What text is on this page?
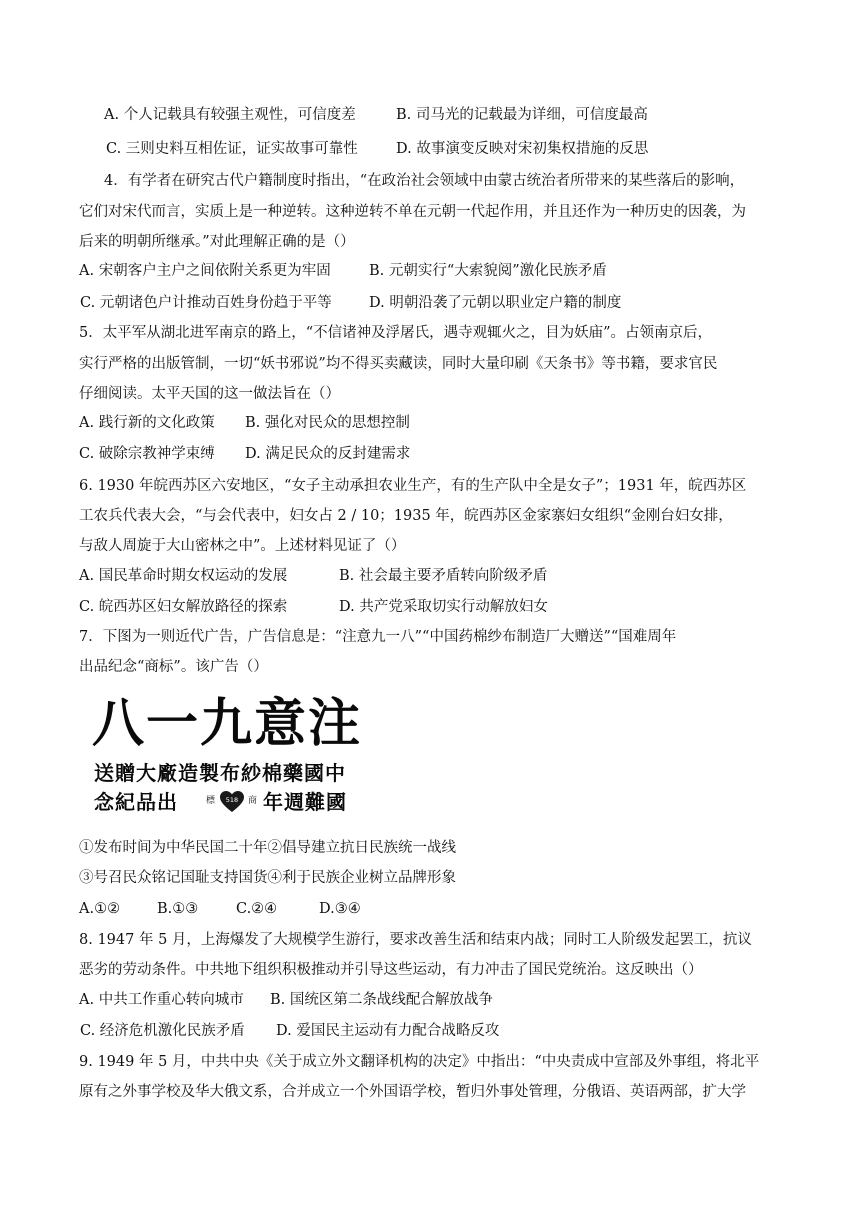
A. 个人记载具有较强主观性，可信度差	B. 司马光的记载最为详细，可信度最高
C. 三则史料互相佐证，证实故事可靠性	D. 故事演变反映对宋初集权措施的反思
4．有学者在研究古代户籍制度时指出，“在政治社会领域中由蒙古统治者所带来的某些落后的影响，
它们对宋代而言，实质上是一种逆转。这种逆转不单在元朝一代起作用，并且还作为一种历史的因袭，为
后来的明朝所继承。”对此理解正确的是（）
A. 宋朝客户主户之间依附关系更为牢固	B. 元朝实行“大索貌阅”激化民族矛盾
C. 元朝诸色户计推动百姓身份趋于平等	D. 明朝沿袭了元朝以职业定户籍的制度
5．太平军从湖北进军南京的路上，“不信诸神及浮屠氏，遇寺观辄火之，目为妖庙”。占领南京后，
实行严格的出版管制，一切“妖书邪说”均不得买卖藏读，同时大量印刷《天条书》等书籍，要求官民
仔细阅读。太平天国的这一做法旨在（）
A. 践行新的文化政策 B. 强化对民众的思想控制
C. 破除宗教神学束缚 D. 满足民众的反封建需求
6. 1930 年皖西苏区六安地区，“女子主动承担农业生产，有的生产队中全是女子”；1931 年，皖西苏区
工农兵代表大会，“与会代表中，妇女占 2 / 10；1935 年，皖西苏区金家寨妇女组织“金刚台妇女排，
与敌人周旋于大山密林之中”。上述材料见证了（）
A. 国民革命时期女权运动的发展	B. 社会最主要矛盾转向阶级矛盾
C. 皖西苏区妇女解放路径的探索	D. 共产党采取切实行动解放妇女
7．下图为一则近代广告，广告信息是：“注意九一八”“中国药棉纱布制造厂大赠送”“国难周年
出品纪念“商标”。该广告（）
八一九意注
送贈大廠造製布紗棉藥國中
念紀品出	標 518 商 年週難國
①发布时间为中华民国二十年②倡导建立抗日民族统一战线
③号召民众铭记国耻支持国货④利于民族企业树立品牌形象
A.①②	B.①③	C.②④	D.③④
8. 1947 年 5 月，上海爆发了大规模学生游行，要求改善生活和结束内战；同时工人阶级发起罢工，抗议
恶劣的劳动条件。中共地下组织积极推动并引导这些运动，有力冲击了国民党统治。这反映出（）
A. 中共工作重心转向城市 B. 国统区第二条战线配合解放战争
C. 经济危机激化民族矛盾 D. 爱国民主运动有力配合战略反攻
9. 1949 年 5 月，中共中央《关于成立外文翻译机构的决定》中指出：“中央责成中宣部及外事组，将北平
原有之外事学校及华大俄文系，合并成立一个外国语学校，暂归外事处管理，分俄语、英语两部，扩大学
